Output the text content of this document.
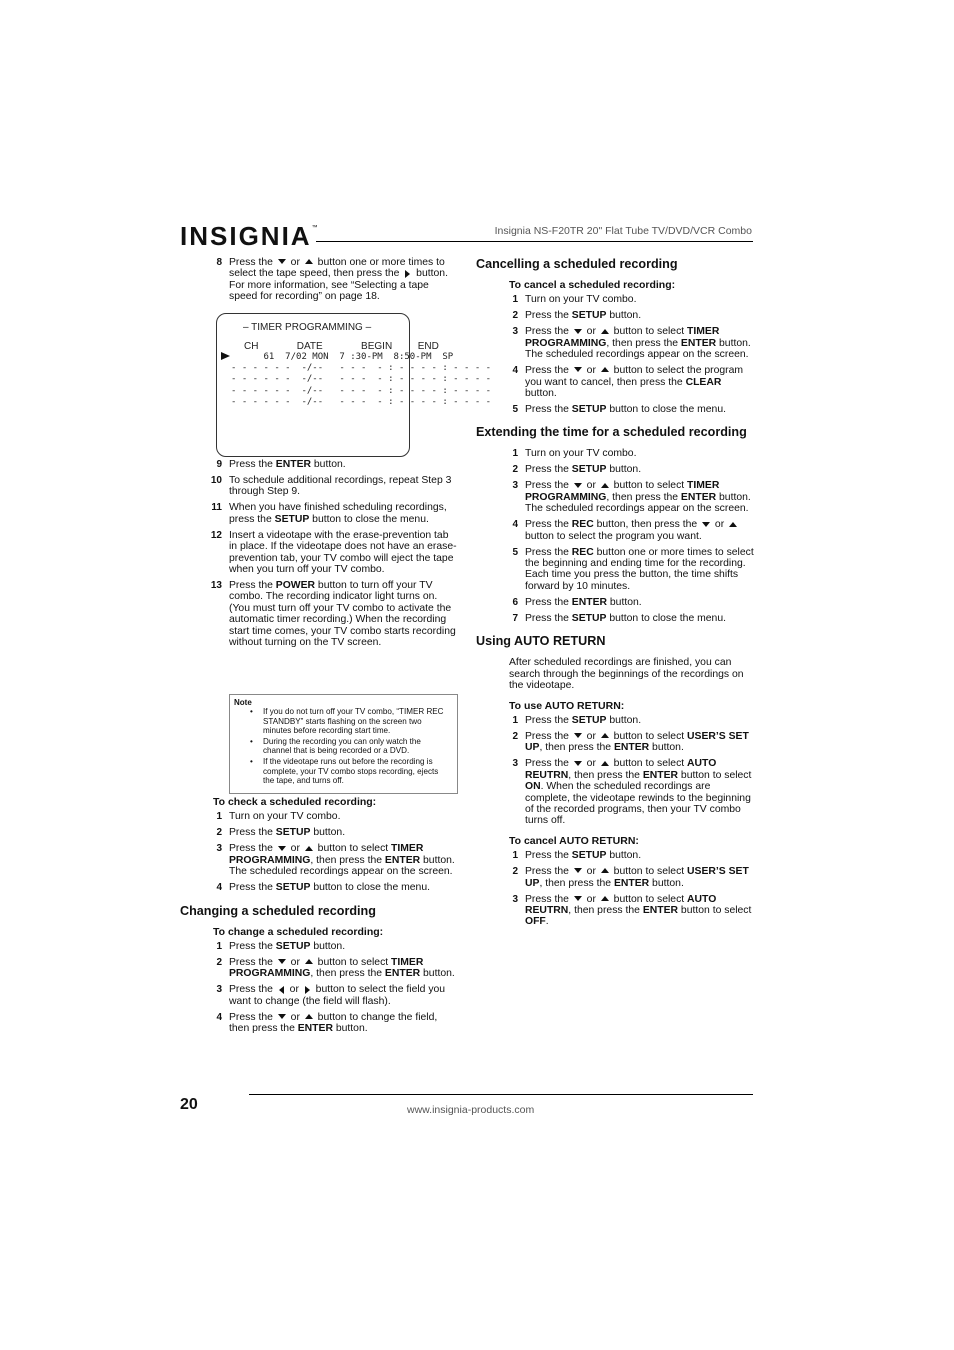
INSIGNIA™	Insignia NS-F20TR 20" Flat Tube TV/DVD/VCR Combo
8 Press the  or  button one or more times to select the tape speed, then press the  button. For more information, see “Selecting a tape speed for recording” on page 18.
– TIMER PROGRAMMING –
CH   DATE   BEGIN  END
61  7/02 MON  7 :30-PM  8:50-PM  SP
- - - - - -  -/--   - - -  - : - - - - : - - - -
- - - - - -  -/--   - - -  - : - - - - : - - - -
- - - - - -  -/--   - - -  - : - - - - : - - - -
- - - - - -  -/--   - - -  - : - - - - : - - - -
9 Press the ENTER button.
10 To schedule additional recordings, repeat Step 3 through Step 9.
11 When you have finished scheduling recordings, press the SETUP button to close the menu.
12 Insert a videotape with the erase-prevention tab in place. If the videotape does not have an erase-prevention tab, your TV combo will eject the tape when you turn off your TV combo.
13 Press the POWER button to turn off your TV combo. The recording indicator light turns on. (You must turn off your TV combo to activate the automatic timer recording.) When the recording start time comes, your TV combo starts recording without turning on the TV screen.
Note
• If you do not turn off your TV combo, “TIMER REC STANDBY” starts flashing on the screen two minutes before recording start time.
• During the recording you can only watch the channel that is being recorded or a DVD.
• If the videotape runs out before the recording is complete, your TV combo stops recording, ejects the tape, and turns off.
To check a scheduled recording:
1 Turn on your TV combo.
2 Press the SETUP button.
3 Press the  or  button to select TIMER PROGRAMMING, then press the ENTER button. The scheduled recordings appear on the screen.
4 Press the SETUP button to close the menu.
Changing a scheduled recording
To change a scheduled recording:
1 Press the SETUP button.
2 Press the  or  button to select TIMER PROGRAMMING, then press the ENTER button.
3 Press the  or  button to select the field you want to change (the field will flash).
4 Press the  or  button to change the field, then press the ENTER button.
Cancelling a scheduled recording
To cancel a scheduled recording:
1 Turn on your TV combo.
2 Press the SETUP button.
3 Press the  or  button to select TIMER PROGRAMMING, then press the ENTER button. The scheduled recordings appear on the screen.
4 Press the  or  button to select the program you want to cancel, then press the CLEAR button.
5 Press the SETUP button to close the menu.
Extending the time for a scheduled recording
1 Turn on your TV combo.
2 Press the SETUP button.
3 Press the  or  button to select TIMER PROGRAMMING, then press the ENTER button. The scheduled recordings appear on the screen.
4 Press the REC button, then press the  or  button to select the program you want.
5 Press the REC button one or more times to select the beginning and ending time for the recording. Each time you press the button, the time shifts forward by 10 minutes.
6 Press the ENTER button.
7 Press the SETUP button to close the menu.
Using AUTO RETURN
After scheduled recordings are finished, you can search through the beginnings of the recordings on the videotape.
To use AUTO RETURN:
1 Press the SETUP button.
2 Press the  or  button to select USER’S SET UP, then press the ENTER button.
3 Press the  or  button to select AUTO REUTRN, then press the ENTER button to select ON. When the scheduled recordings are complete, the videotape rewinds to the beginning of the recorded programs, then your TV combo turns off.
To cancel AUTO RETURN:
1 Press the SETUP button.
2 Press the  or  button to select USER’S SET UP, then press the ENTER button.
3 Press the  or  button to select AUTO REUTRN, then press the ENTER button to select OFF.
20	www.insignia-products.com
